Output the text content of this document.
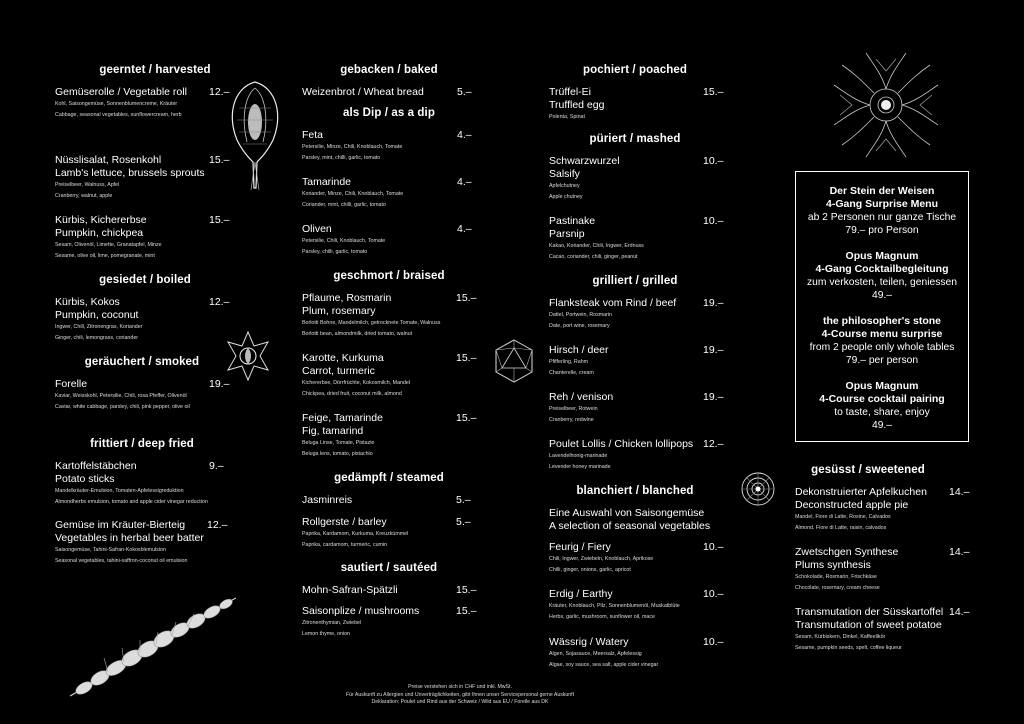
geerntet / harvested
Gemüserolle / Vegetable roll
Kohl, Saisongemüse, Sonnenblumencreme, Kräuter
Cabbage, seasonal vegetables, sunflowercream, herb
12.–
Nüsslisalat, Rosenkohl
Lamb's lettuce, brussels sprouts
Preiselbeer, Walnuss, Apfel
Cranberry, walnut, apple
15.–
Kürbis, Kichererbse
Pumpkin, chickpea
Sesam, Olivenöl, Limette, Granatapfel, Minze
Sesame, olive oil, lime, pomegranate, mint
15.–
gesiedet / boiled
Kürbis, Kokos
Pumpkin, coconut
Ingwer, Chili, Zitronengras, Koriander
Ginger, chili, lemongrass, coriander
12.–
geräuchert / smoked
Forelle
Kaviar, Weisskohl, Petersilie, Chili, rosa Pfeffer, Olivenöl
Caviar, white cabbage, parsley, chili, pink pepper, olive oil
19.–
frittiert / deep fried
Kartoffelstäbchen
Potato sticks
Mandelkräuter-Emulsion, Tomaten-Apfelessigreduktion
Almondherbs emulsion, tomato and apple cider vinegar reduction
9.–
Gemüse im Kräuter-Bierteig
Vegetables in herbal beer batter
Saisongemüse, Tahini-Safran-Kokosblemulsion
Seasonal vegetables, tahini-saffron-coconut oil emulsion
12.–
gebacken / baked
Weizenbrot / Wheat bread	5.–
als Dip / as a dip
Feta
Petersilie, Minze, Chili, Knoblauch, Tomate
Parsley, mint, chilli, garlic, tomato
4.–
Tamarinde
Koriander, Minze, Chili, Knoblauch, Tomate
Coriander, mint, chilli, garlic, tomato
4.–
Oliven
Petersilie, Chili, Knoblauch, Tomate
Parsley, chilli, garlic, tomato
4.–
geschmort / braised
Pflaume, Rosmarin
Plum, rosemary
Borlotti Bohne, Mandelmilch, getrocknete Tomate, Walnuss
Borlotti bean, almondmilk, dried tomato, walnut
15.–
Karotte, Kurkuma
Carrot, turmeric
Kichererbse, Dörrfrüchte, Kokosmilch, Mandel
Chickpea, dried fruit, coconut milk, almond
15.–
Feige, Tamarinde
Fig, tamarind
Beluga Linse, Tomate, Pistazie
Beluga lens, tomato, pistachio
15.–
gedämpft / steamed
Jasminreis	5.–
Rollgerste / barley
Paprika, Kardamom, Kurkuma, Kreuzkümmel
Paprika, cardamom, turmeric, cumin
5.–
sautiert / sautéed
Mohn-Safran-Spätzli	15.–
Saisonplize / mushrooms
Zitronenthymian, Zwiebel
Lemon thyme, onion
15.–
pochiert / poached
Trüffel-Ei
Truffled egg
Polenta, Spinat
15.–
püriert / mashed
Schwarzwurzel
Salsify
Apfelchutney
Apple chutney
10.–
Pastinake
Parsnip
Kakao, Koriander, Chili, Ingwer, Erdnuss
Cacao, coriander, chili, ginger, peanut
10.–
grilliert / grilled
Flanksteak vom Rind / beef
Dattel, Portwein, Rosmarin
Date, port wine, rosemary
19.–
Hirsch / deer
Pfifferling, Rahm
Chanterelle, cream
19.–
Reh / venison
Preiselbeer, Rotwein
Cranberry, redwine
19.–
Poulet Lollis / Chicken lollipops
Lavendelhonig-marinade
Levender honey marinade
12.–
blanchiert / blanched
Eine Auswahl von Saisongemüse
A selection of seasonal vegetables
Feurig / Fiery
Chili, Ingwer, Zwiebeln, Knoblauch, Aprikose
Chilli, ginger, onions, garlic, apricot
10.–
Erdig / Earthy
Kräuter, Knoblauch, Pilz, Sonnenblumenöl, Muskatblüte
Herbs, garlic, mushroom, sunflower oil, mace
10.–
Wässrig / Watery
Algen, Sojasauce, Meersalz, Apfelessig
Algae, soy sauce, sea salt, apple cider vinegar
10.–
Der Stein der Weisen
4-Gang Surprise Menu
ab 2 Personen nur ganze Tische
79.– pro Person
Opus Magnum
4-Gang Cocktailbegleitung
zum verkosten, teilen, geniessen
49.–
the philosopher's stone
4-Course menu surprise
from 2 people only whole tables
79.– per person
Opus Magnum
4-Course cocktail pairing
to taste, share, enjoy
49.–
gesüsst / sweetened
Dekonstruierter Apfelkuchen
Deconstructed apple pie
Mandel, Fiore di Latte, Rosine, Calvados
Almond, Fiore di Latte, raisin, calvados
14.–
Zwetschgen Synthese
Plums synthesis
Schokolade, Rosmarin, Frischkäse
Chocolate, rosemary, cream cheese
14.–
Transmutation der Süsskartoffel
Transmutation of sweet potatoe
Sesam, Kürbiskern, Dinkel, Kaffeelikör
Sesame, pumpkin seeds, spelt, coffee liqueur
14.–
Preise verstehen sich in CHF und inkl. MwSt.
Für Auskunft zu Allergien und Unverträglichkeiten, gibt Ihnen unser Servicepersonal gerne Auskunft
Deklaration: Poulet und Rind aus der Schweiz / Wild aus EU / Forelle aus DK
